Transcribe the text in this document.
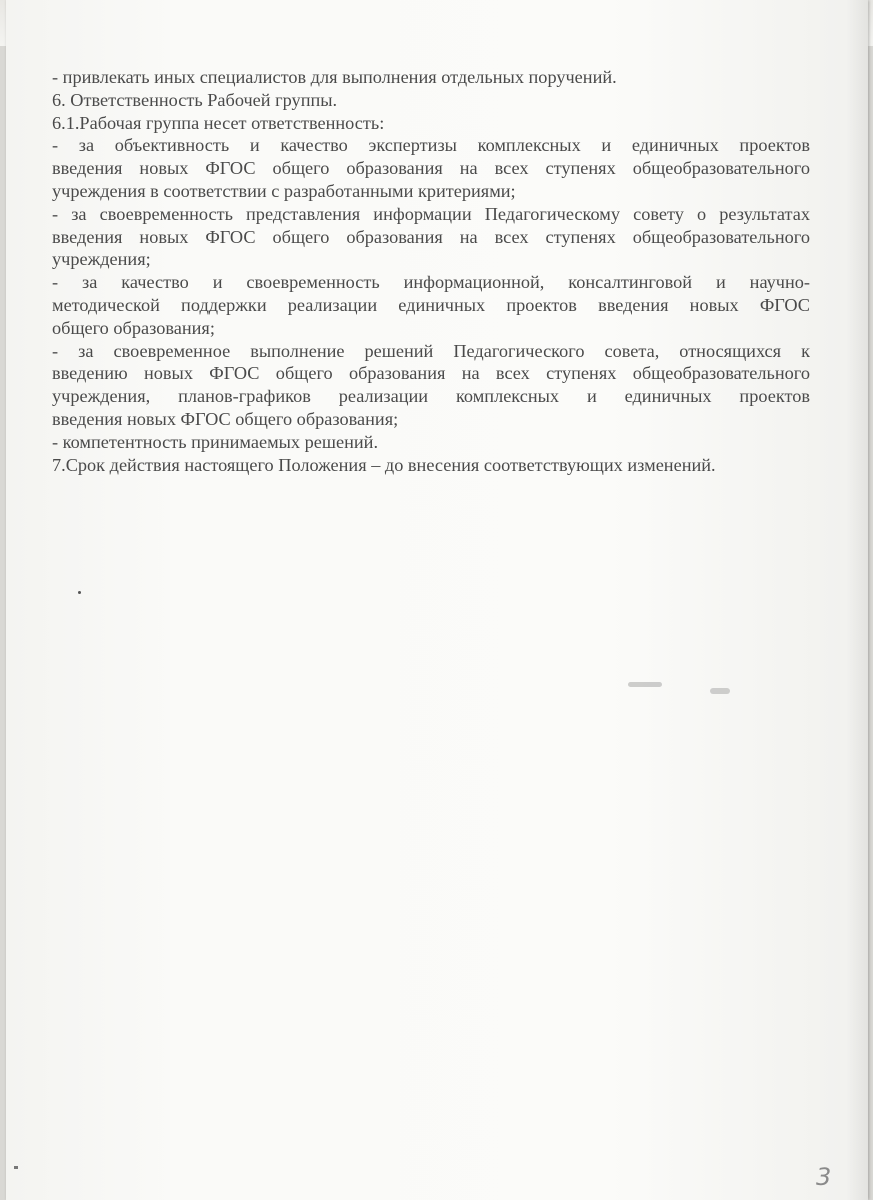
- привлекать иных специалистов для выполнения отдельных поручений.
6. Ответственность Рабочей группы.
6.1.Рабочая группа несет ответственность:
- за объективность и качество экспертизы комплексных и единичных проектов
введения новых ФГОС общего образования на всех ступенях общеобразовательного
учреждения в соответствии с разработанными критериями;
- за своевременность представления информации Педагогическому совету о результатах
введения новых ФГОС общего образования на всех ступенях общеобразовательного
учреждения;
- за качество и своевременность информационной, консалтинговой и научно-
методической поддержки реализации единичных проектов введения новых ФГОС
общего образования;
- за своевременное выполнение решений Педагогического совета, относящихся к
введению новых ФГОС общего образования на всех ступенях общеобразовательного
учреждения, планов-графиков реализации комплексных и единичных проектов
введения новых ФГОС общего образования;
- компетентность принимаемых решений.
7.Срок действия настоящего Положения – до внесения соответствующих изменений.
3
